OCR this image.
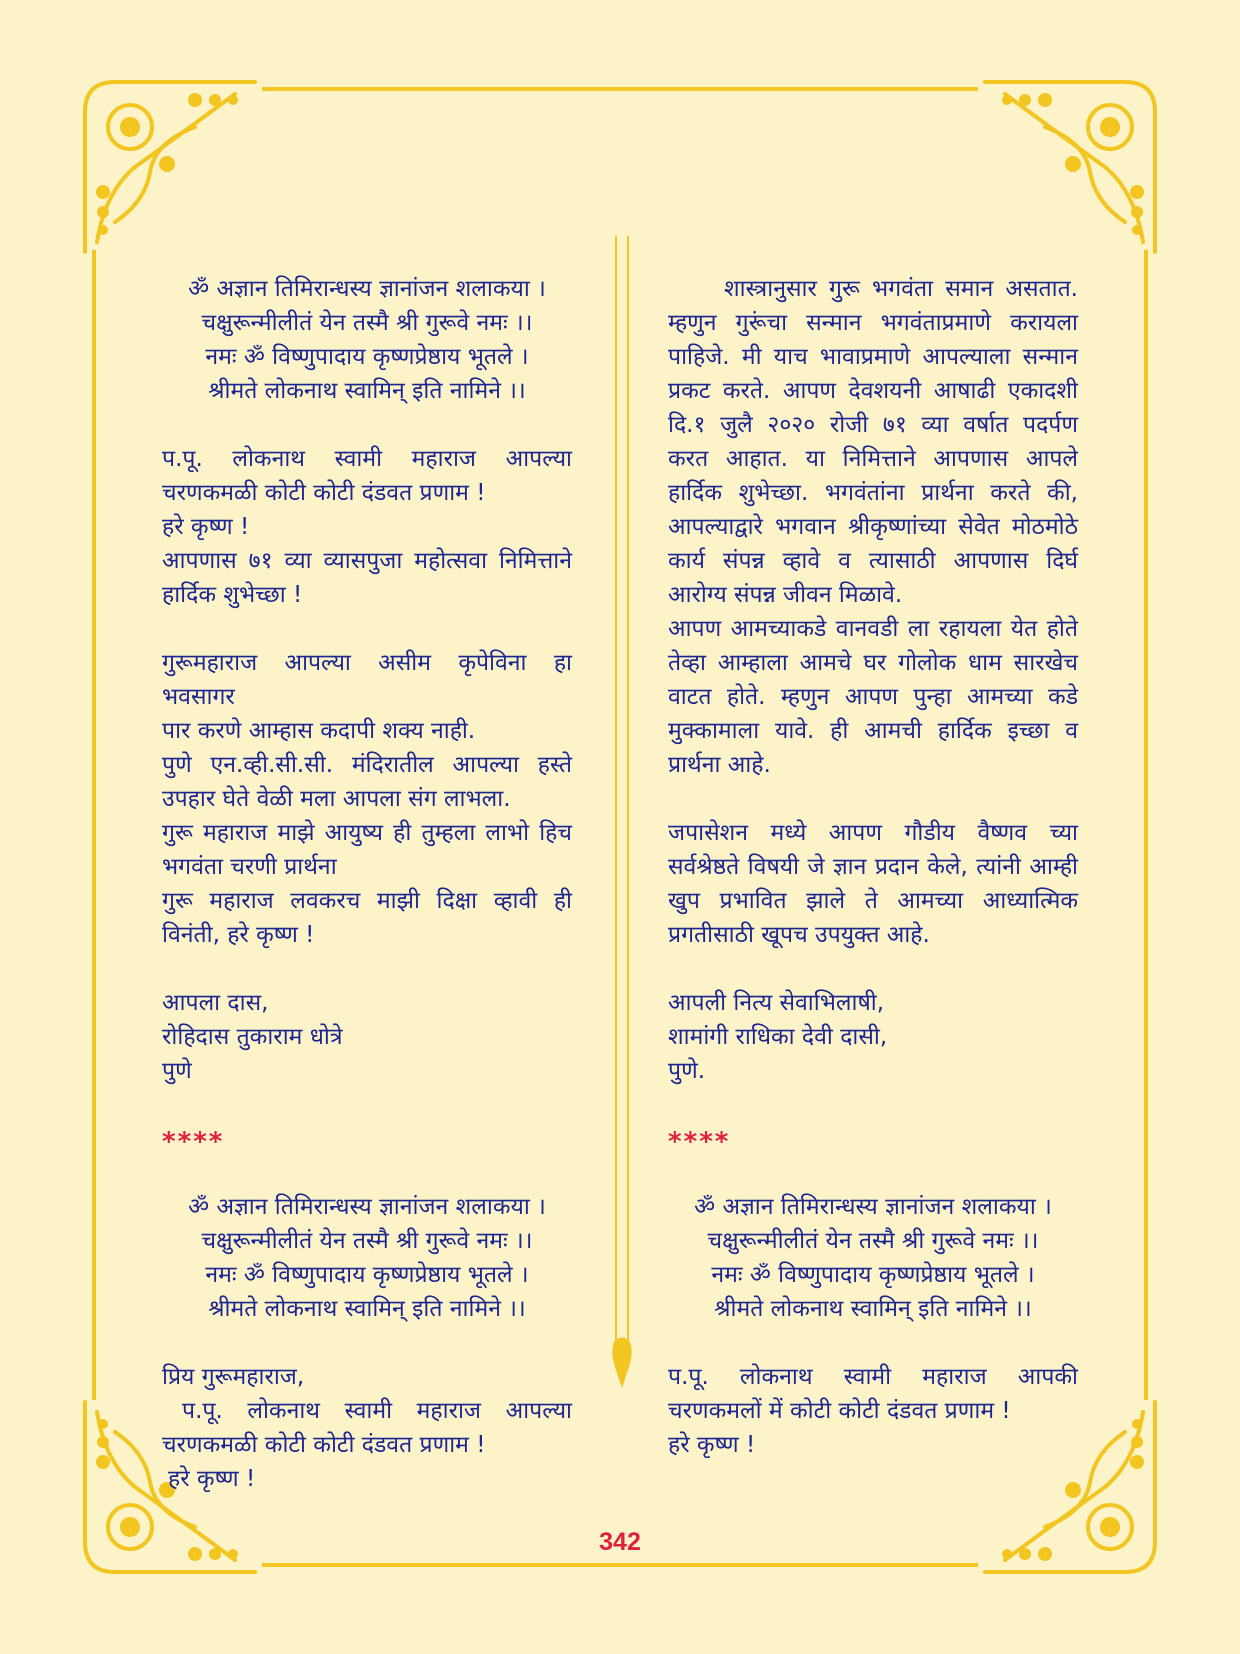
ॐ अज्ञान तिमिरान्धस्य ज्ञानांजन शलाकया ।

चक्षुरून्मीलीतं येन तस्मै श्री गुरूवे नमः ।।

नमः ॐ विष्णुपादाय कृष्णप्रेष्ठाय भूतले ।

श्रीमते लोकनाथ स्वामिन् इति नामिने ।।

प.पू. लोकनाथ स्वामी महाराज आपल्या

चरणकमळी कोटी कोटी दंडवत प्रणाम !

हरे कृष्ण !

आपणास ७१ व्या व्यासपुजा महोत्सवा निमित्ताने

हार्दिक शुभेच्छा !

गुरूमहाराज आपल्या असीम कृपेविना हा भवसागर

पार करणे आम्हास कदापी शक्य नाही.

पुणे एन.व्ही.सी.सी. मंदिरातील आपल्या हस्ते

उपहार घेते वेळी मला आपला संग लाभला.

गुरू महाराज माझे आयुष्य ही तुम्हला लाभो हिच

भगवंता चरणी प्रार्थना

गुरू महाराज लवकरच माझी दिक्षा व्हावी ही

विनंती, हरे कृष्ण !

आपला दास,

रोहिदास तुकाराम धोत्रे

पुणे

****

ॐ अज्ञान तिमिरान्धस्य ज्ञानांजन शलाकया ।

चक्षुरून्मीलीतं येन तस्मै श्री गुरूवे नमः ।।

नमः ॐ विष्णुपादाय कृष्णप्रेष्ठाय भूतले ।

श्रीमते लोकनाथ स्वामिन् इति नामिने ।।

प्रिय गुरूमहाराज,

प.पू. लोकनाथ स्वामी महाराज आपल्या

चरणकमळी कोटी कोटी दंडवत प्रणाम !

हरे कृष्ण !

शास्त्रानुसार गुरू भगवंता समान असतात.

म्हणुन गुरूंचा सन्मान भगवंताप्रमाणे करायला

पाहिजे. मी याच भावाप्रमाणे आपल्याला सन्मान

प्रकट करते. आपण देवशयनी आषाढी एकादशी

दि.१ जुलै २०२० रोजी ७१ व्या वर्षात पदर्पण

करत आहात. या निमित्ताने आपणास आपले

हार्दिक शुभेच्छा. भगवंतांना प्रार्थना करते की,

आपल्याद्वारे भगवान श्रीकृष्णांच्या सेवेत मोठमोठे

कार्य संपन्न व्हावे व त्यासाठी आपणास दिर्घ

आरोग्य संपन्न जीवन मिळावे.

आपण आमच्याकडे वानवडी ला रहायला येत होते

तेव्हा आम्हाला आमचे घर गोलोक धाम सारखेच

वाटत होते. म्हणुन आपण पुन्हा आमच्या कडे

मुक्कामाला यावे. ही आमची हार्दिक इच्छा व

प्रार्थना आहे.

जपासेशन मध्ये आपण गौडीय वैष्णव च्या

सर्वश्रेष्ठते विषयी जे ज्ञान प्रदान केले, त्यांनी आम्ही

खुप प्रभावित झाले ते आमच्या आध्यात्मिक

प्रगतीसाठी खूपच उपयुक्त आहे.

आपली नित्य सेवाभिलाषी,

शामांगी राधिका देवी दासी,

पुणे.

****

ॐ अज्ञान तिमिरान्धस्य ज्ञानांजन शलाकया ।

चक्षुरून्मीलीतं येन तस्मै श्री गुरूवे नमः ।।

नमः ॐ विष्णुपादाय कृष्णप्रेष्ठाय भूतले ।

श्रीमते लोकनाथ स्वामिन् इति नामिने ।।

प.पू. लोकनाथ स्वामी महाराज आपकी

चरणकमलों में कोटी कोटी दंडवत प्रणाम !

हरे कृष्ण !

342
